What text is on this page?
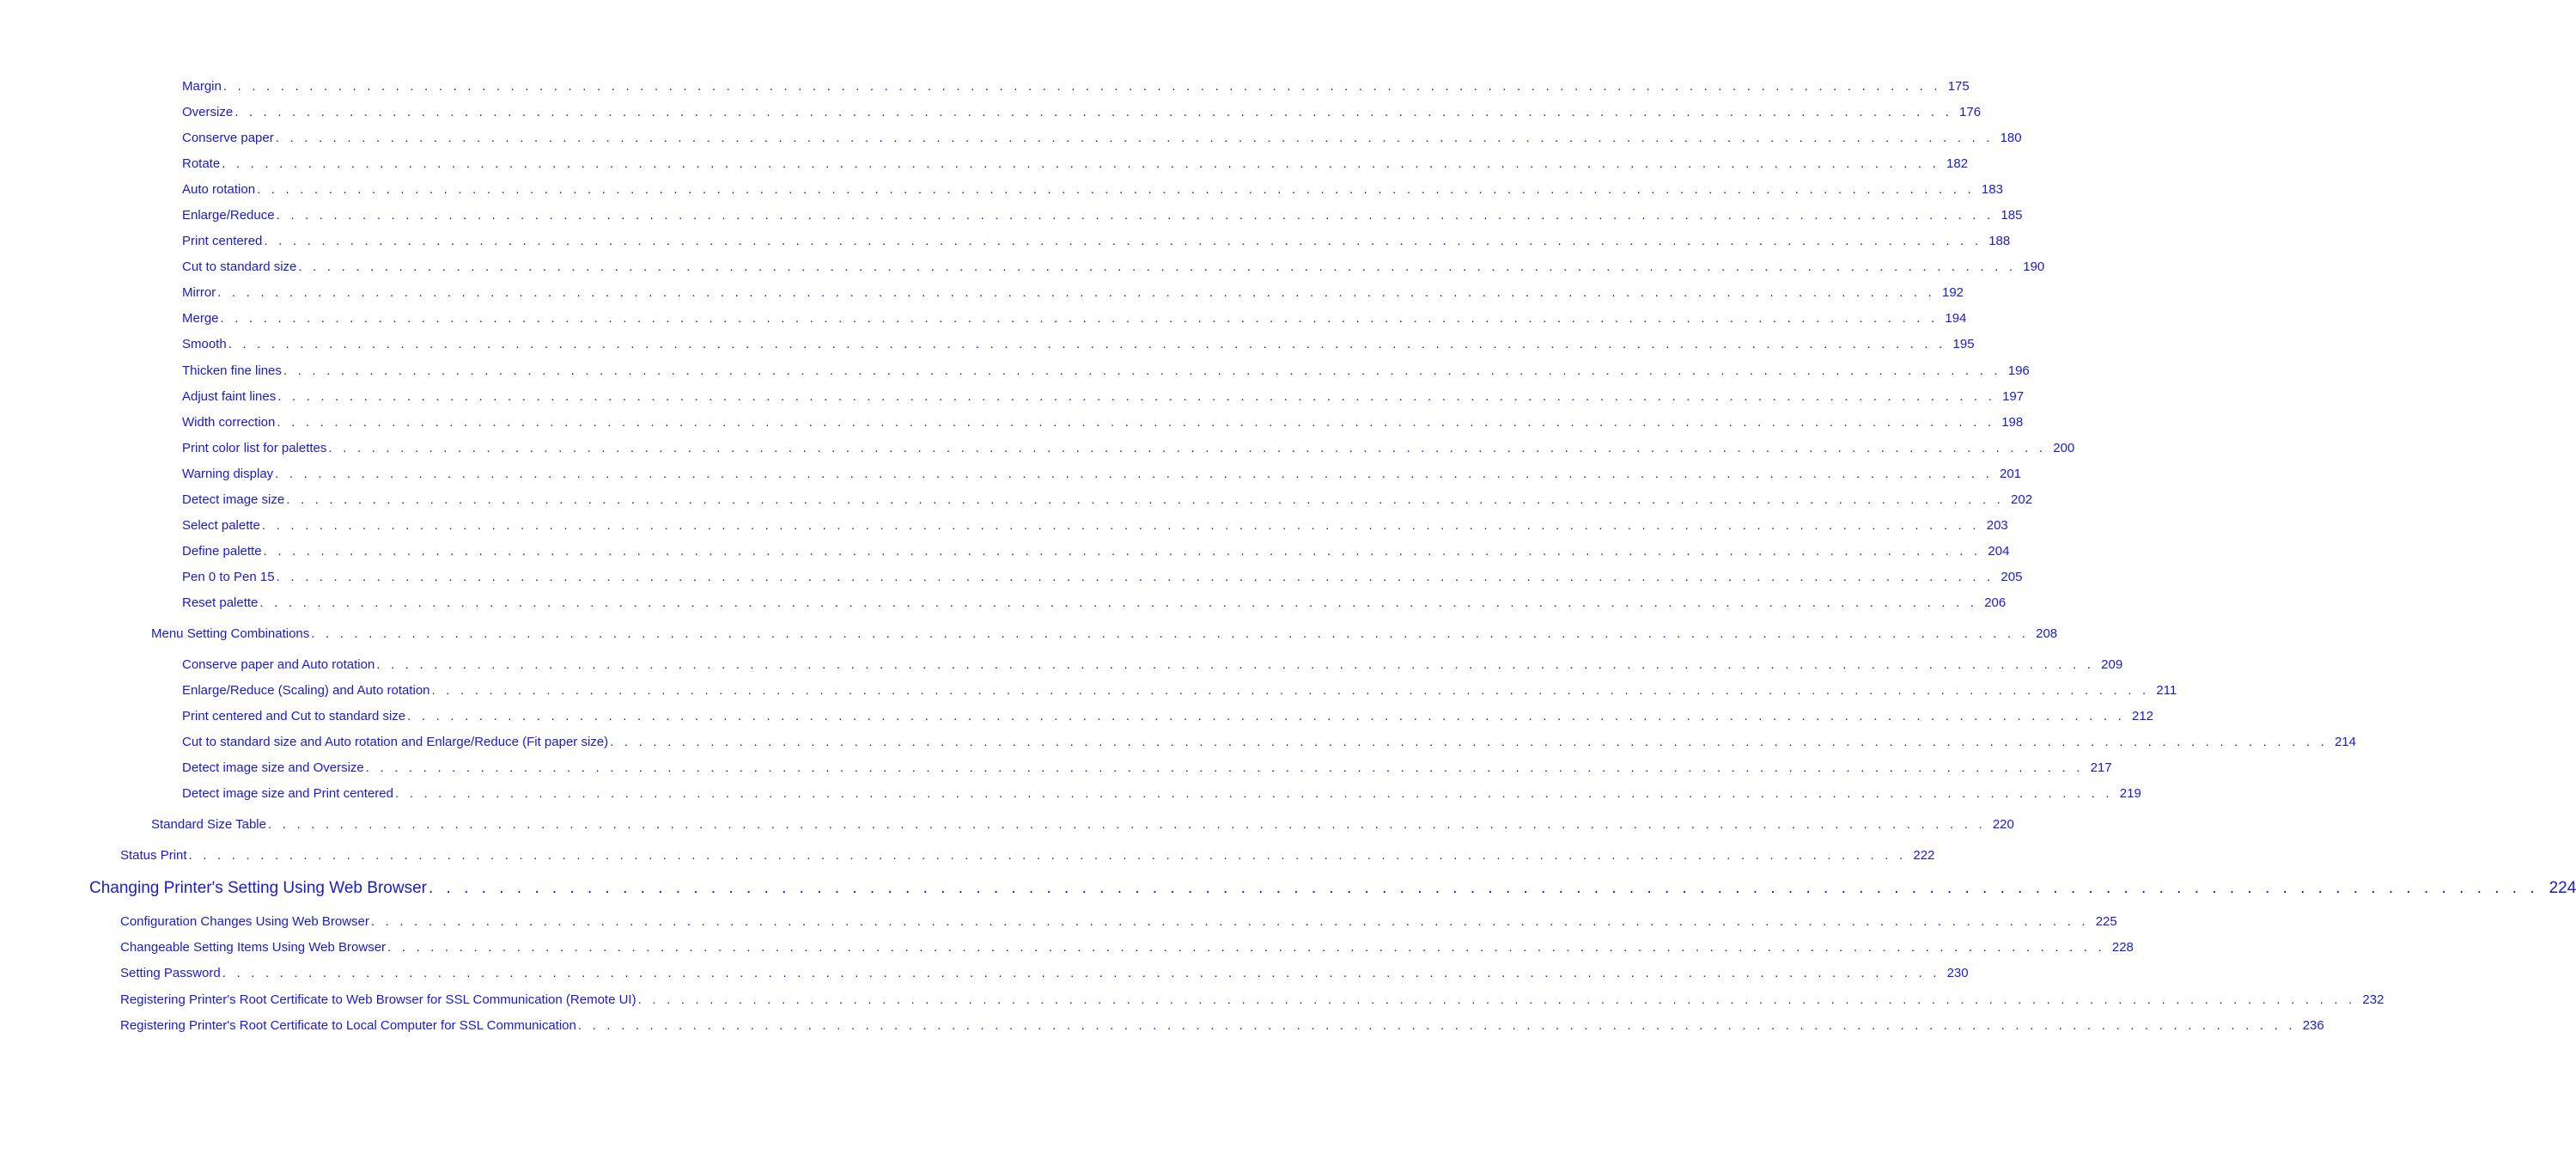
Margin . . . . . . . . . . . . . . . . . . . . . . . . . . . . . . . . . . . . . . . . . . . . . . . . . . . . . . . . . . . . . . . . . . . . . . . . . . . . . . . . . . . . . . . . . . . . . . . . . . . . . . . . . . . . . . . . . . . . . . . . 175
Oversize . . . . . . . . . . . . . . . . . . . . . . . . . . . . . . . . . . . . . . . . . . . . . . . . . . . . . . . . . . . . . . . . . . . . . . . . . . . . . . . . . . . . . . . . . . . . . . . . . . . . . . . . . . . . . . . . . . . . . . . . 176
Conserve paper . . . . . . . . . . . . . . . . . . . . . . . . . . . . . . . . . . . . . . . . . . . . . . . . . . . . . . . . . . . . . . . . . . . . . . . . . . . . . . . . . . . . . . . . . . . . . . . . . . . . . . . . . . . . . . . . . . . . . . . . 180
Rotate . . . . . . . . . . . . . . . . . . . . . . . . . . . . . . . . . . . . . . . . . . . . . . . . . . . . . . . . . . . . . . . . . . . . . . . . . . . . . . . . . . . . . . . . . . . . . . . . . . . . . . . . . . . . . . . . . . . . . . . . 182
Auto rotation . . . . . . . . . . . . . . . . . . . . . . . . . . . . . . . . . . . . . . . . . . . . . . . . . . . . . . . . . . . . . . . . . . . . . . . . . . . . . . . . . . . . . . . . . . . . . . . . . . . . . . . . . . . . . . . . . . . . . . . . 183
Enlarge/Reduce . . . . . . . . . . . . . . . . . . . . . . . . . . . . . . . . . . . . . . . . . . . . . . . . . . . . . . . . . . . . . . . . . . . . . . . . . . . . . . . . . . . . . . . . . . . . . . . . . . . . . . . . . . . . . . . . . . . . . . . . 185
Print centered . . . . . . . . . . . . . . . . . . . . . . . . . . . . . . . . . . . . . . . . . . . . . . . . . . . . . . . . . . . . . . . . . . . . . . . . . . . . . . . . . . . . . . . . . . . . . . . . . . . . . . . . . . . . . . . . . . . . . . . . 188
Cut to standard size . . . . . . . . . . . . . . . . . . . . . . . . . . . . . . . . . . . . . . . . . . . . . . . . . . . . . . . . . . . . . . . . . . . . . . . . . . . . . . . . . . . . . . . . . . . . . . . . . . . . . . . . . . . . . . . . . . . . . . . . 190
Mirror . . . . . . . . . . . . . . . . . . . . . . . . . . . . . . . . . . . . . . . . . . . . . . . . . . . . . . . . . . . . . . . . . . . . . . . . . . . . . . . . . . . . . . . . . . . . . . . . . . . . . . . . . . . . . . . . . . . . . . . . 192
Merge . . . . . . . . . . . . . . . . . . . . . . . . . . . . . . . . . . . . . . . . . . . . . . . . . . . . . . . . . . . . . . . . . . . . . . . . . . . . . . . . . . . . . . . . . . . . . . . . . . . . . . . . . . . . . . . . . . . . . . . . 194
Smooth . . . . . . . . . . . . . . . . . . . . . . . . . . . . . . . . . . . . . . . . . . . . . . . . . . . . . . . . . . . . . . . . . . . . . . . . . . . . . . . . . . . . . . . . . . . . . . . . . . . . . . . . . . . . . . . . . . . . . . . . 195
Thicken fine lines . . . . . . . . . . . . . . . . . . . . . . . . . . . . . . . . . . . . . . . . . . . . . . . . . . . . . . . . . . . . . . . . . . . . . . . . . . . . . . . . . . . . . . . . . . . . . . . . . . . . . . . . . . . . . . . . . . . . . . . . 196
Adjust faint lines . . . . . . . . . . . . . . . . . . . . . . . . . . . . . . . . . . . . . . . . . . . . . . . . . . . . . . . . . . . . . . . . . . . . . . . . . . . . . . . . . . . . . . . . . . . . . . . . . . . . . . . . . . . . . . . . . . . . . . . . 197
Width correction . . . . . . . . . . . . . . . . . . . . . . . . . . . . . . . . . . . . . . . . . . . . . . . . . . . . . . . . . . . . . . . . . . . . . . . . . . . . . . . . . . . . . . . . . . . . . . . . . . . . . . . . . . . . . . . . . . . . . . . . 198
Print color list for palettes . . . . . . . . . . . . . . . . . . . . . . . . . . . . . . . . . . . . . . . . . . . . . . . . . . . . . . . . . . . . . . . . . . . . . . . . . . . . . . . . . . . . . . . . . . . . . . . . . . . . . . . . . . . . . . . . . . . . . . . . 200
Warning display . . . . . . . . . . . . . . . . . . . . . . . . . . . . . . . . . . . . . . . . . . . . . . . . . . . . . . . . . . . . . . . . . . . . . . . . . . . . . . . . . . . . . . . . . . . . . . . . . . . . . . . . . . . . . . . . . . . . . . . . 201
Detect image size . . . . . . . . . . . . . . . . . . . . . . . . . . . . . . . . . . . . . . . . . . . . . . . . . . . . . . . . . . . . . . . . . . . . . . . . . . . . . . . . . . . . . . . . . . . . . . . . . . . . . . . . . . . . . . . . . . . . . . . . 202
Select palette . . . . . . . . . . . . . . . . . . . . . . . . . . . . . . . . . . . . . . . . . . . . . . . . . . . . . . . . . . . . . . . . . . . . . . . . . . . . . . . . . . . . . . . . . . . . . . . . . . . . . . . . . . . . . . . . . . . . . . . . 203
Define palette . . . . . . . . . . . . . . . . . . . . . . . . . . . . . . . . . . . . . . . . . . . . . . . . . . . . . . . . . . . . . . . . . . . . . . . . . . . . . . . . . . . . . . . . . . . . . . . . . . . . . . . . . . . . . . . . . . . . . . . . 204
Pen 0 to Pen 15 . . . . . . . . . . . . . . . . . . . . . . . . . . . . . . . . . . . . . . . . . . . . . . . . . . . . . . . . . . . . . . . . . . . . . . . . . . . . . . . . . . . . . . . . . . . . . . . . . . . . . . . . . . . . . . . . . . . . . . . . 205
Reset palette . . . . . . . . . . . . . . . . . . . . . . . . . . . . . . . . . . . . . . . . . . . . . . . . . . . . . . . . . . . . . . . . . . . . . . . . . . . . . . . . . . . . . . . . . . . . . . . . . . . . . . . . . . . . . . . . . . . . . . . . 206
Menu Setting Combinations . . . . . . . . . . . . . . . . . . . . . . . . . . . . . . . . . . . . . . . . . . . . . . . . . . . . . . . . . . . . . . . . . . . . . . . . . . . . . . . . . . . . . . . . . . . . . . . . . . . . . . . . . . . . . . . . . . . . . . . . 208
Conserve paper and Auto rotation . . . . . . . . . . . . . . . . . . . . . . . . . . . . . . . . . . . . . . . . . . . . . . . . . . . . . . . . . . . . . . . . . . . . . . . . . . . . . . . . . . . . . . . . . . . . . . . . . . . . . . . . . . . . . . . . . . . . . . . . 209
Enlarge/Reduce (Scaling) and Auto rotation . . . . . . . . . . . . . . . . . . . . . . . . . . . . . . . . . . . . . . . . . . . . . . . . . . . . . . . . . . . . . . . . . . . . . . . . . . . . . . . . . . . . . . . . . . . . . . . . . . . . . . . . . . . . . . . . . . . . . . . . 211
Print centered and Cut to standard size . . . . . . . . . . . . . . . . . . . . . . . . . . . . . . . . . . . . . . . . . . . . . . . . . . . . . . . . . . . . . . . . . . . . . . . . . . . . . . . . . . . . . . . . . . . . . . . . . . . . . . . . . . . . . . . . . . . . . . . . 212
Cut to standard size and Auto rotation and Enlarge/Reduce (Fit paper size) . . . . . . . . . . . . . . . . . . . . . . . . . . . . . . . . . . . . . . . . . . . . . . . . . . . . . . . . . . . . . . . . . . . . . . . . . . . . . . . . . . . . . . . . . . . . . . . . . . . . . . . . . . . . . . . . . . . . . . . . 214
Detect image size and Oversize . . . . . . . . . . . . . . . . . . . . . . . . . . . . . . . . . . . . . . . . . . . . . . . . . . . . . . . . . . . . . . . . . . . . . . . . . . . . . . . . . . . . . . . . . . . . . . . . . . . . . . . . . . . . . . . . . . . . . . . . 217
Detect image size and Print centered . . . . . . . . . . . . . . . . . . . . . . . . . . . . . . . . . . . . . . . . . . . . . . . . . . . . . . . . . . . . . . . . . . . . . . . . . . . . . . . . . . . . . . . . . . . . . . . . . . . . . . . . . . . . . . . . . . . . . . . . 219
Standard Size Table . . . . . . . . . . . . . . . . . . . . . . . . . . . . . . . . . . . . . . . . . . . . . . . . . . . . . . . . . . . . . . . . . . . . . . . . . . . . . . . . . . . . . . . . . . . . . . . . . . . . . . . . . . . . . . . . . . . . . . . . 220
Status Print . . . . . . . . . . . . . . . . . . . . . . . . . . . . . . . . . . . . . . . . . . . . . . . . . . . . . . . . . . . . . . . . . . . . . . . . . . . . . . . . . . . . . . . . . . . . . . . . . . . . . . . . . . . . . . . . . . . . . . . . 222
Changing Printer's Setting Using Web Browser . . . . . . . . . . . . . . . . . . . . . . . . . . . . . . . . . . . . . . . . . . . . . . . . . . . . . . . . . . . . . . . . . . . . . . . . . . . . . . . . . . . . . . . . . . . . . . . . . . . . . . . . . . . . . . . . . . . . . . . . 224
Configuration Changes Using Web Browser . . . . . . . . . . . . . . . . . . . . . . . . . . . . . . . . . . . . . . . . . . . . . . . . . . . . . . . . . . . . . . . . . . . . . . . . . . . . . . . . . . . . . . . . . . . . . . . . . . . . . . . . . . . . . . . . . . . . . . . . 225
Changeable Setting Items Using Web Browser . . . . . . . . . . . . . . . . . . . . . . . . . . . . . . . . . . . . . . . . . . . . . . . . . . . . . . . . . . . . . . . . . . . . . . . . . . . . . . . . . . . . . . . . . . . . . . . . . . . . . . . . . . . . . . . . . . . . . . . . 228
Setting Password . . . . . . . . . . . . . . . . . . . . . . . . . . . . . . . . . . . . . . . . . . . . . . . . . . . . . . . . . . . . . . . . . . . . . . . . . . . . . . . . . . . . . . . . . . . . . . . . . . . . . . . . . . . . . . . . . . . . . . . . 230
Registering Printer's Root Certificate to Web Browser for SSL Communication (Remote UI) . . . . . . . . . . . . . . . . . . . . . . . . . . . . . . . . . . . . . . . . . . . . . . . . . . . . . . . . . . . . . . . . . . . . . . . . . . . . . . . . . . . . . . . . . . . . . . . . . . . . . . . . . . . . . . . . . . . . . . . . 232
Registering Printer's Root Certificate to Local Computer for SSL Communication . . . . . . . . . . . . . . . . . . . . . . . . . . . . . . . . . . . . . . . . . . . . . . . . . . . . . . . . . . . . . . . . . . . . . . . . . . . . . . . . . . . . . . . . . . . . . . . . . . . . . . . . . . . . . . . . . . . . . . . . 236
